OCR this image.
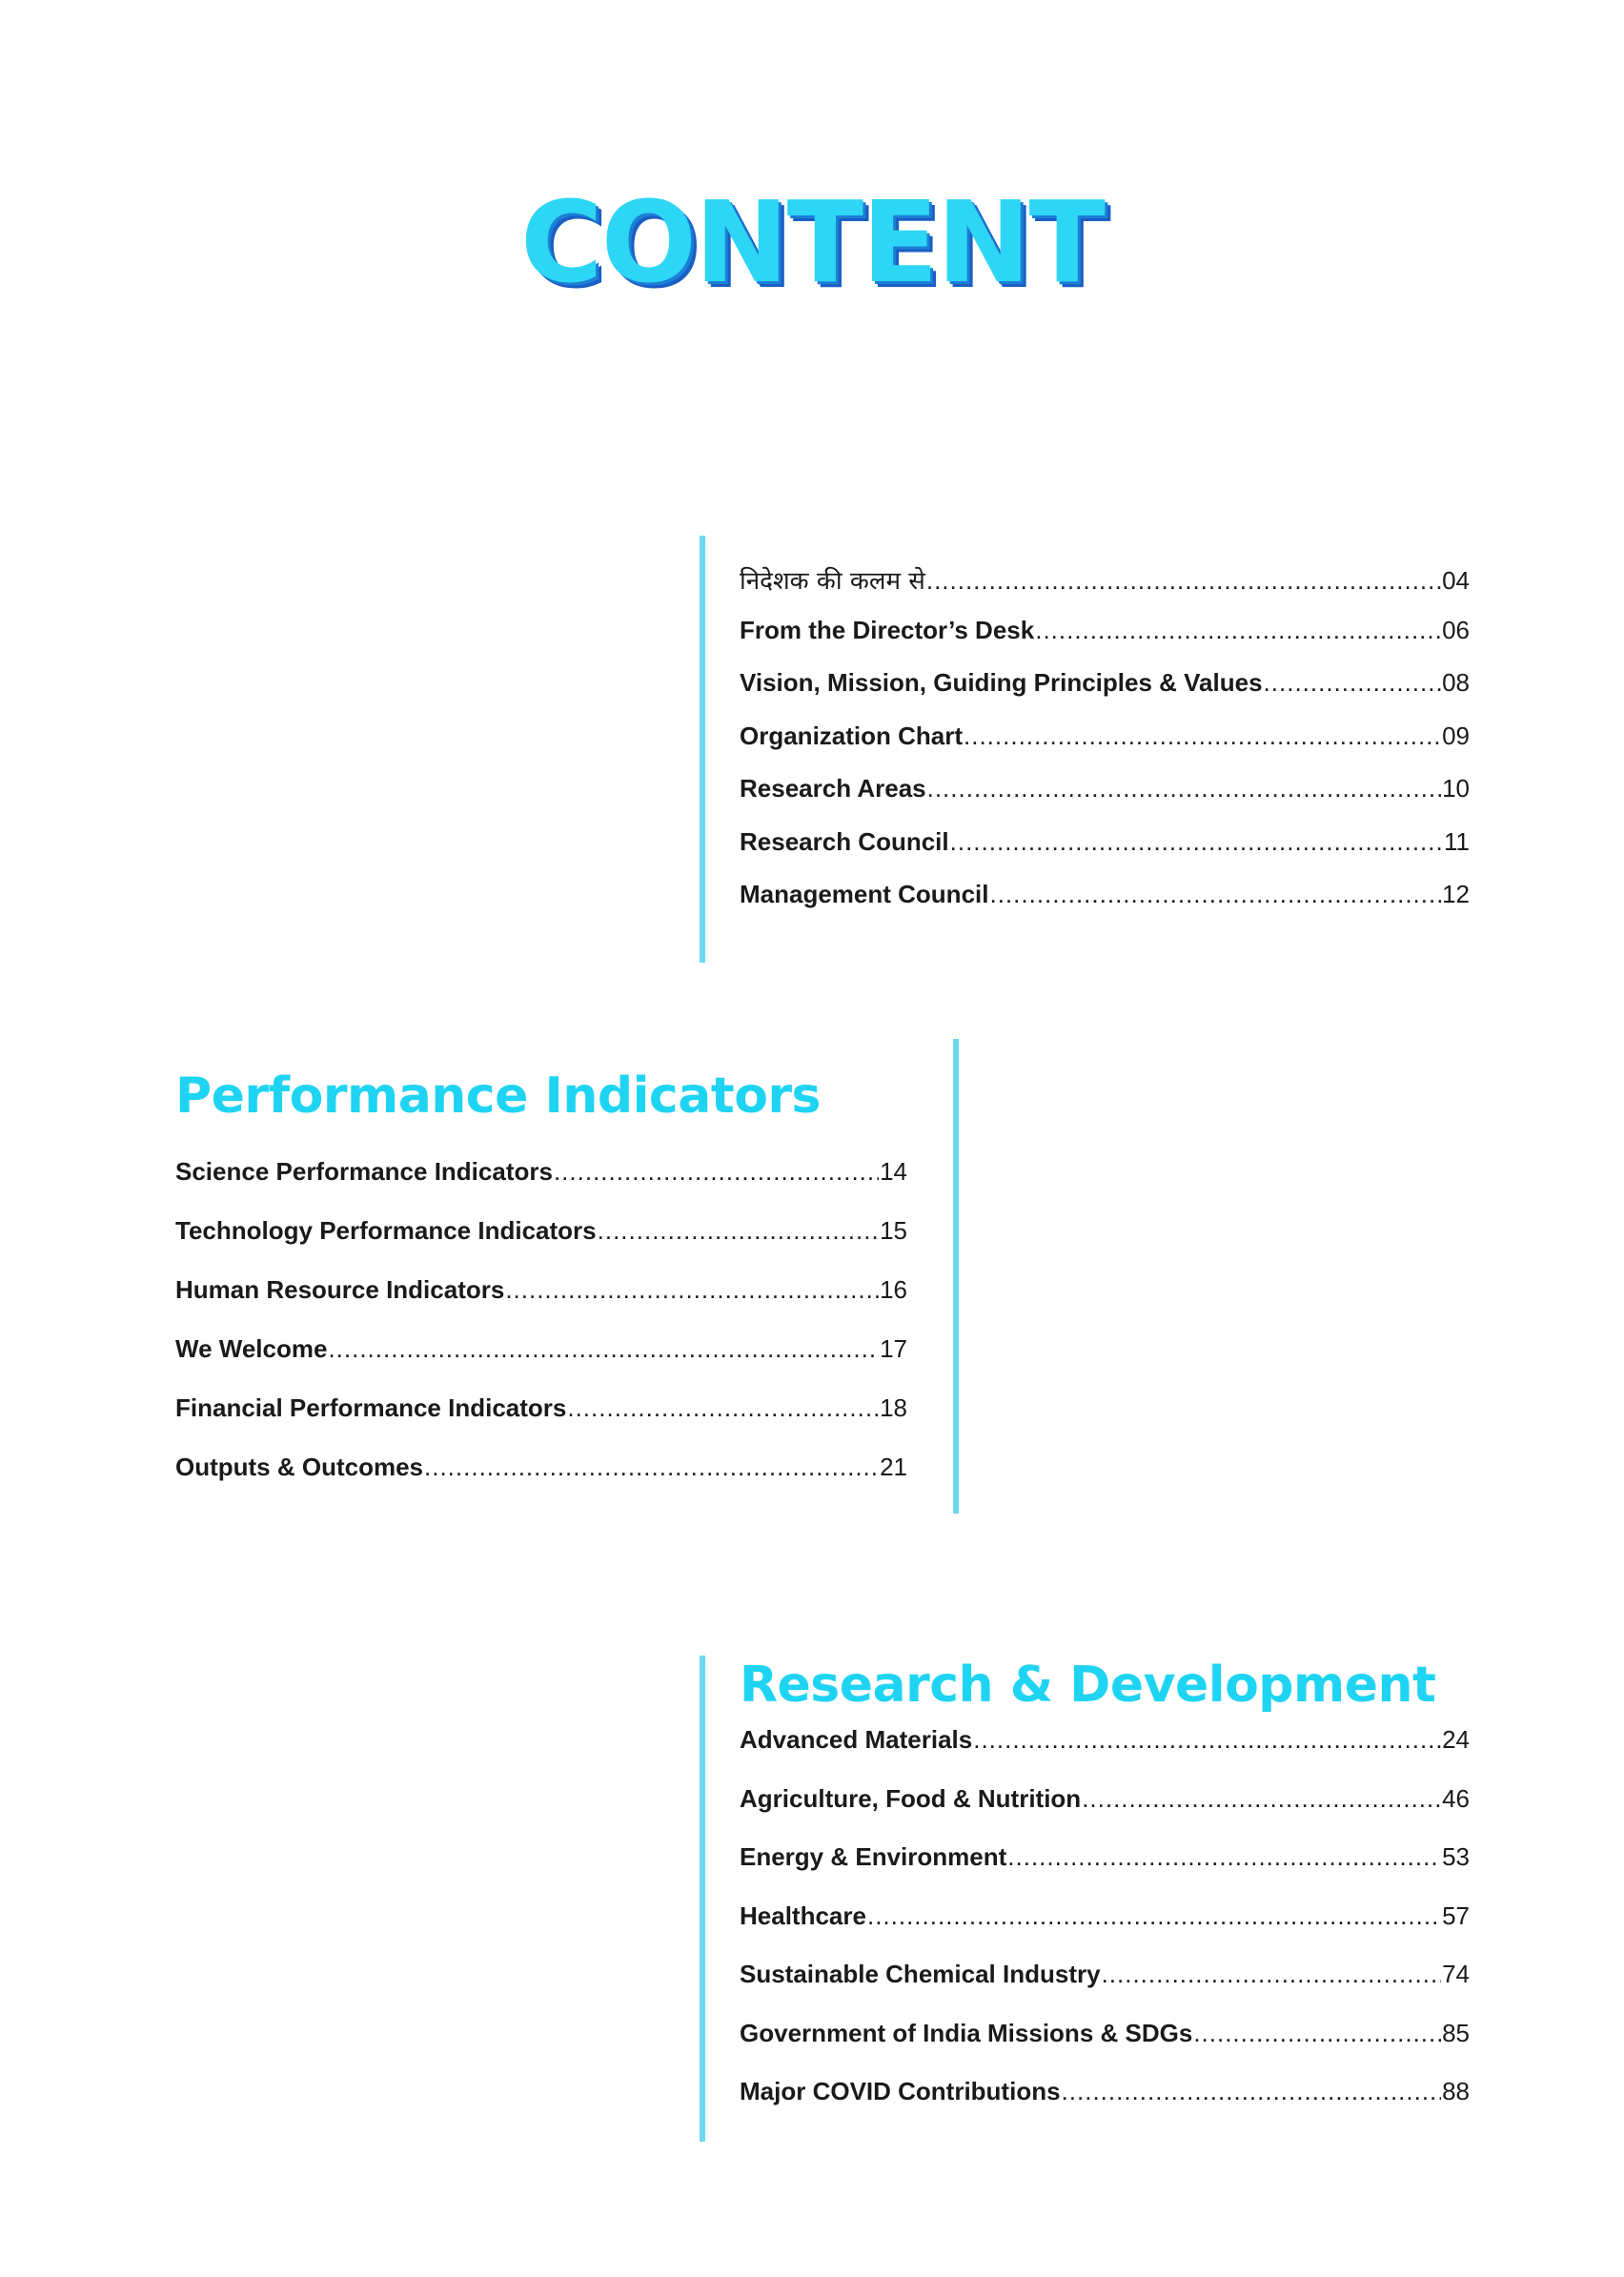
CONTENT
निदेशक की कलम से .....	04
From the Director’s Desk .....	06
Vision, Mission, Guiding Principles & Values .....	08
Organization Chart .....	09
Research Areas .....	10
Research Council .....	11
Management Council .....	12
Performance Indicators
Science Performance Indicators .....	14
Technology Performance Indicators .....	15
Human Resource Indicators .....	16
We Welcome .....	17
Financial Performance Indicators .....	18
Outputs & Outcomes .....	21
Research & Development
Advanced Materials .....	24
Agriculture, Food & Nutrition .....	46
Energy & Environment .....	53
Healthcare .....	57
Sustainable Chemical Industry .....	74
Government of India Missions & SDGs .....	85
Major COVID Contributions .....	88
